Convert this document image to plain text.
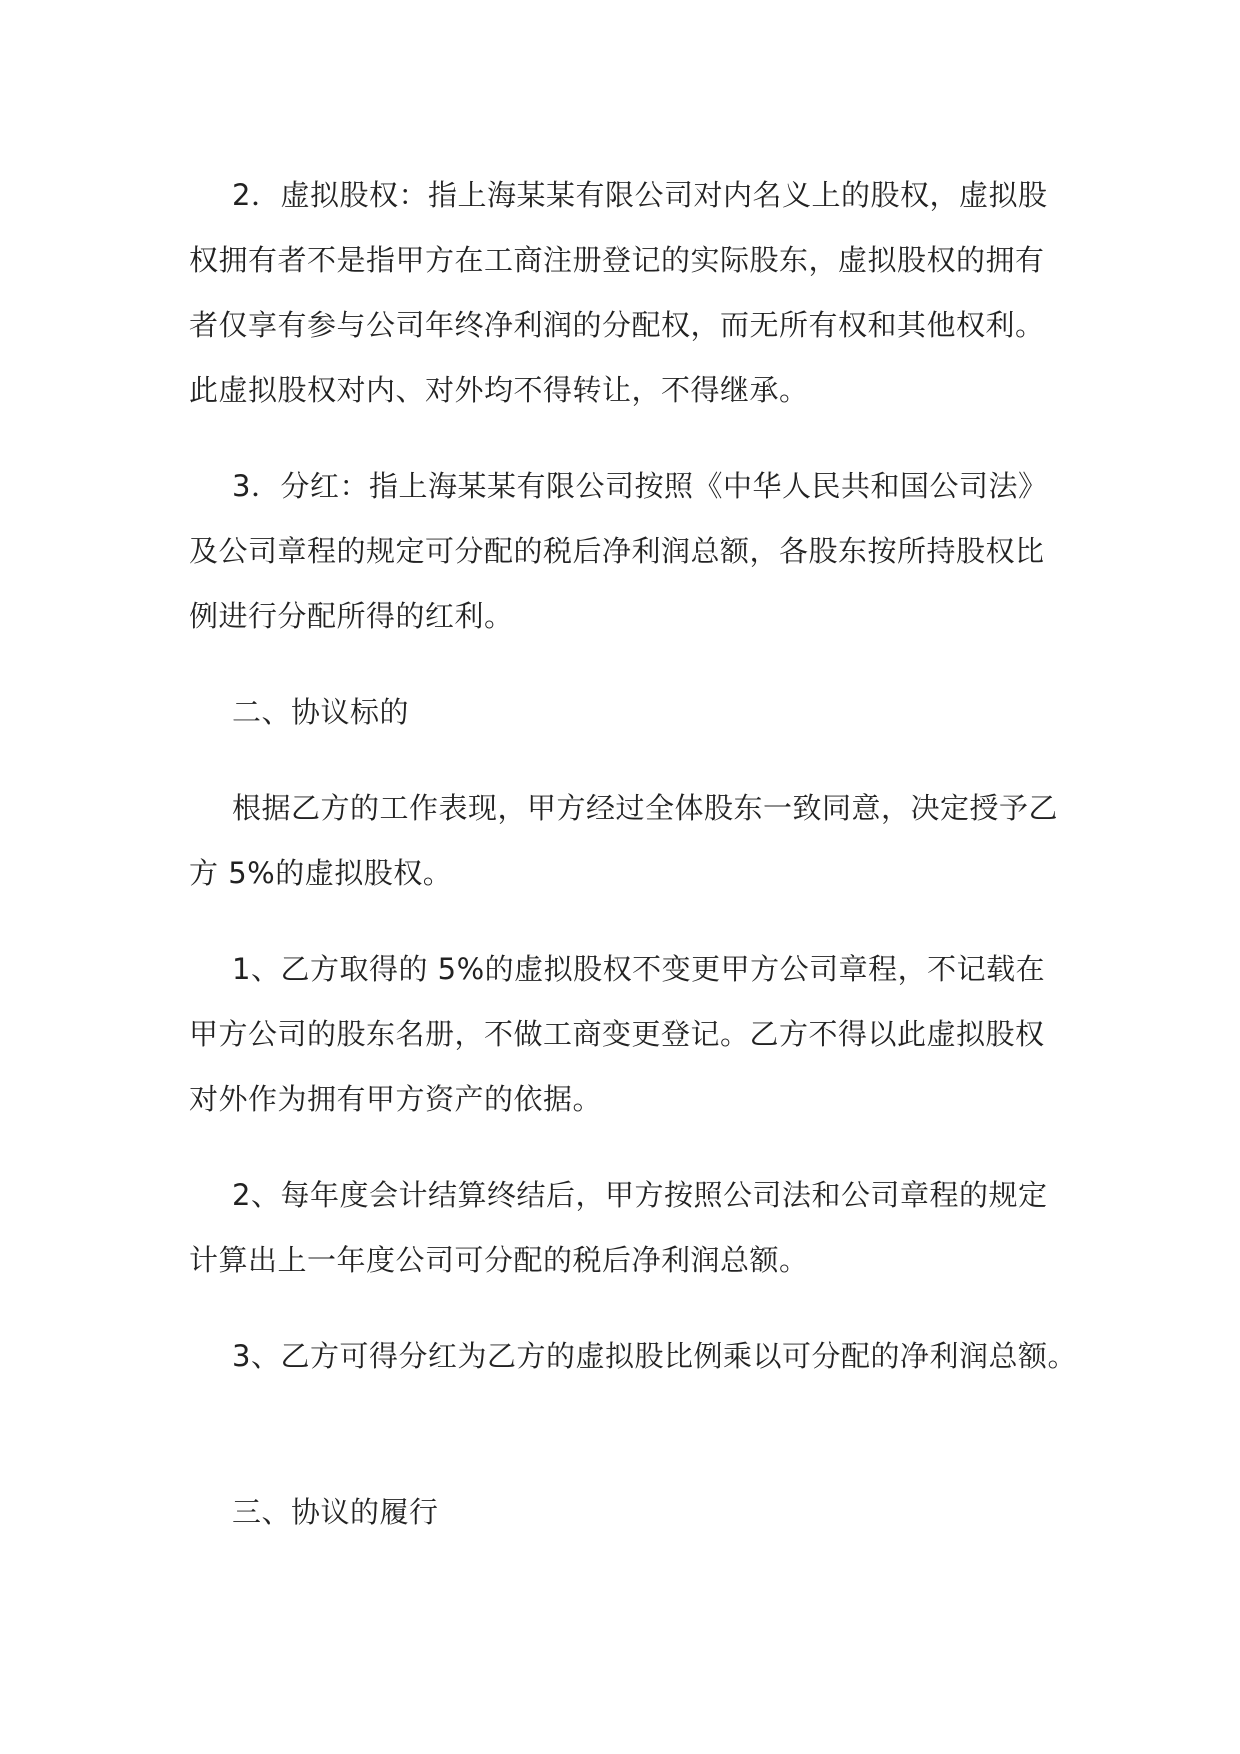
2．虚拟股权：指上海某某有限公司对内名义上的股权，虚拟股
权拥有者不是指甲方在工商注册登记的实际股东，虚拟股权的拥有
者仅享有参与公司年终净利润的分配权，而无所有权和其他权利。
此虚拟股权对内、对外均不得转让，不得继承。
3．分红：指上海某某有限公司按照《中华人民共和国公司法》
及公司章程的规定可分配的税后净利润总额，各股东按所持股权比
例进行分配所得的红利。
二、协议标的
根据乙方的工作表现，甲方经过全体股东一致同意，决定授予乙
方 5%的虚拟股权。
1、乙方取得的 5%的虚拟股权不变更甲方公司章程，不记载在
甲方公司的股东名册，不做工商变更登记。乙方不得以此虚拟股权
对外作为拥有甲方资产的依据。
2、每年度会计结算终结后，甲方按照公司法和公司章程的规定
计算出上一年度公司可分配的税后净利润总额。
3、乙方可得分红为乙方的虚拟股比例乘以可分配的净利润总额。
三、协议的履行
